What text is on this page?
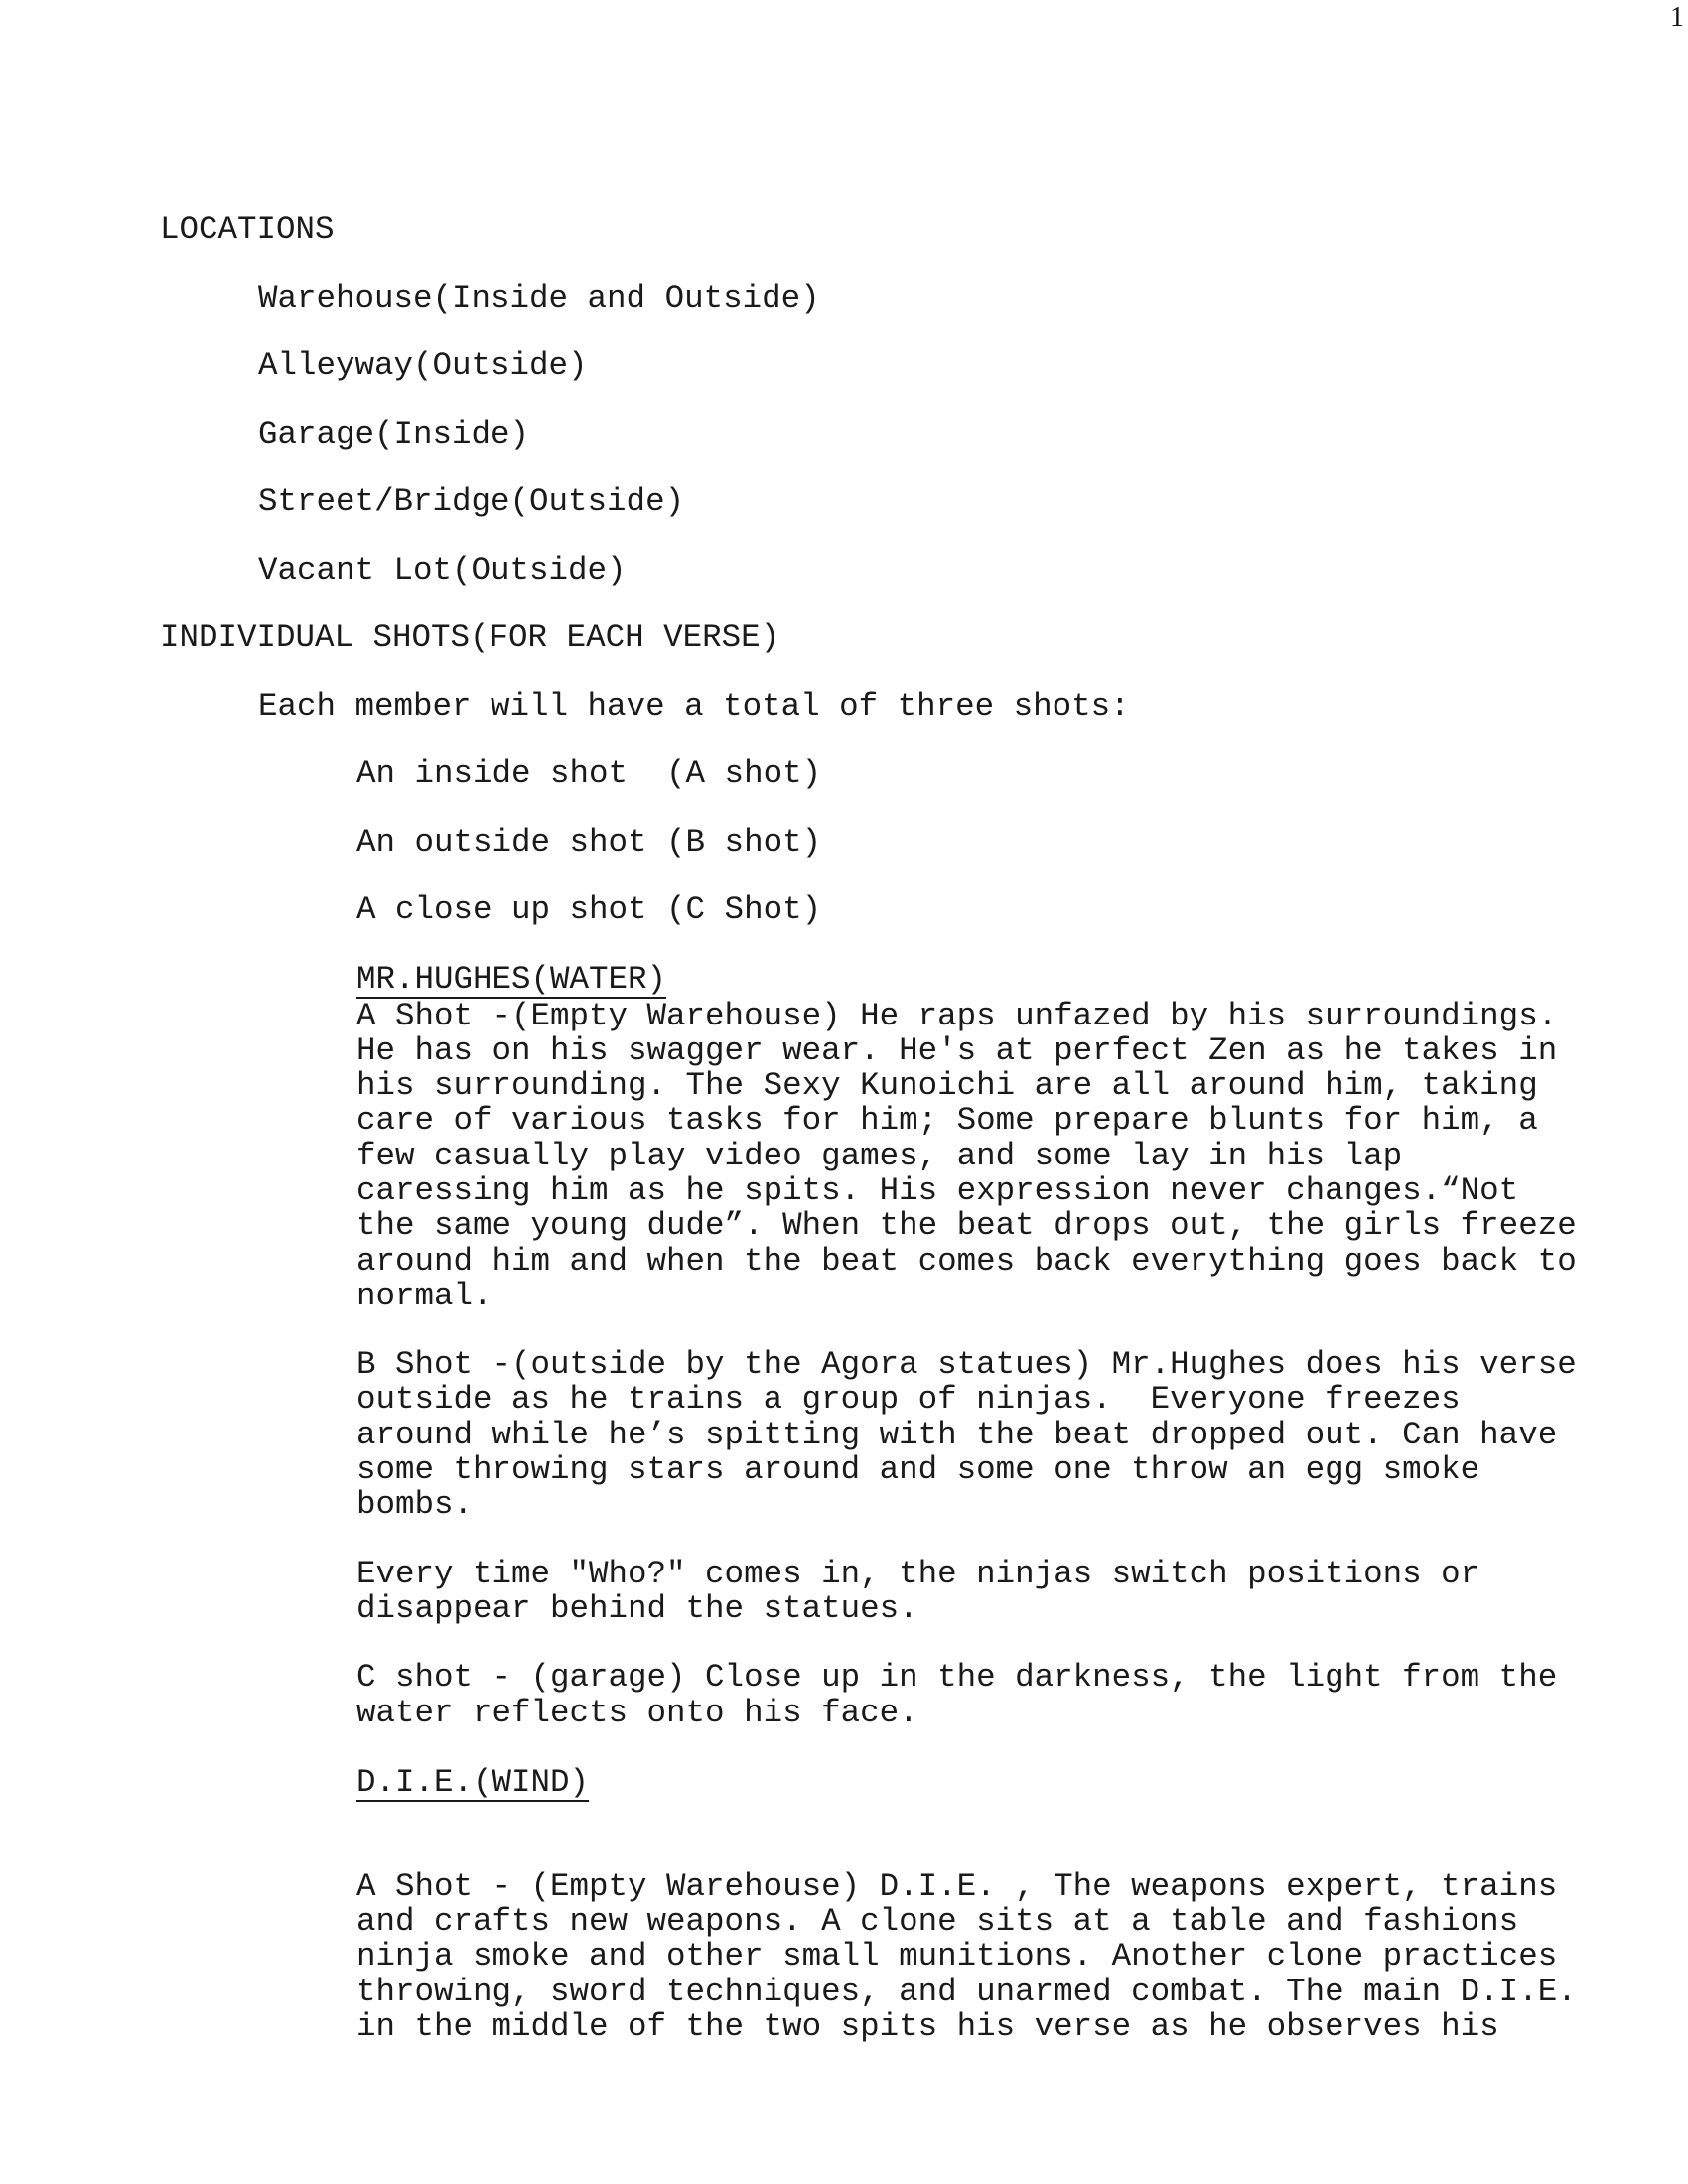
1
LOCATIONS
Warehouse(Inside and Outside)
Alleyway(Outside)
Garage(Inside)
Street/Bridge(Outside)
Vacant Lot(Outside)
INDIVIDUAL SHOTS(FOR EACH VERSE)
Each member will have a total of three shots:
An inside shot  (A shot)
An outside shot (B shot)
A close up shot (C Shot)
MR.HUGHES(WATER)
A Shot -(Empty Warehouse) He raps unfazed by his surroundings.
He has on his swagger wear. He's at perfect Zen as he takes in
his surrounding. The Sexy Kunoichi are all around him, taking
care of various tasks for him; Some prepare blunts for him, a
few casually play video games, and some lay in his lap
caressing him as he spits. His expression never changes.“Not
the same young dude”. When the beat drops out, the girls freeze
around him and when the beat comes back everything goes back to
normal.
B Shot -(outside by the Agora statues) Mr.Hughes does his verse
outside as he trains a group of ninjas.  Everyone freezes
around while he’s spitting with the beat dropped out. Can have
some throwing stars around and some one throw an egg smoke
bombs.
Every time "Who?" comes in, the ninjas switch positions or
disappear behind the statues.
C shot - (garage) Close up in the darkness, the light from the
water reflects onto his face.
D.I.E.(WIND)
A Shot - (Empty Warehouse) D.I.E. , The weapons expert, trains
and crafts new weapons. A clone sits at a table and fashions
ninja smoke and other small munitions. Another clone practices
throwing, sword techniques, and unarmed combat. The main D.I.E.
in the middle of the two spits his verse as he observes his
